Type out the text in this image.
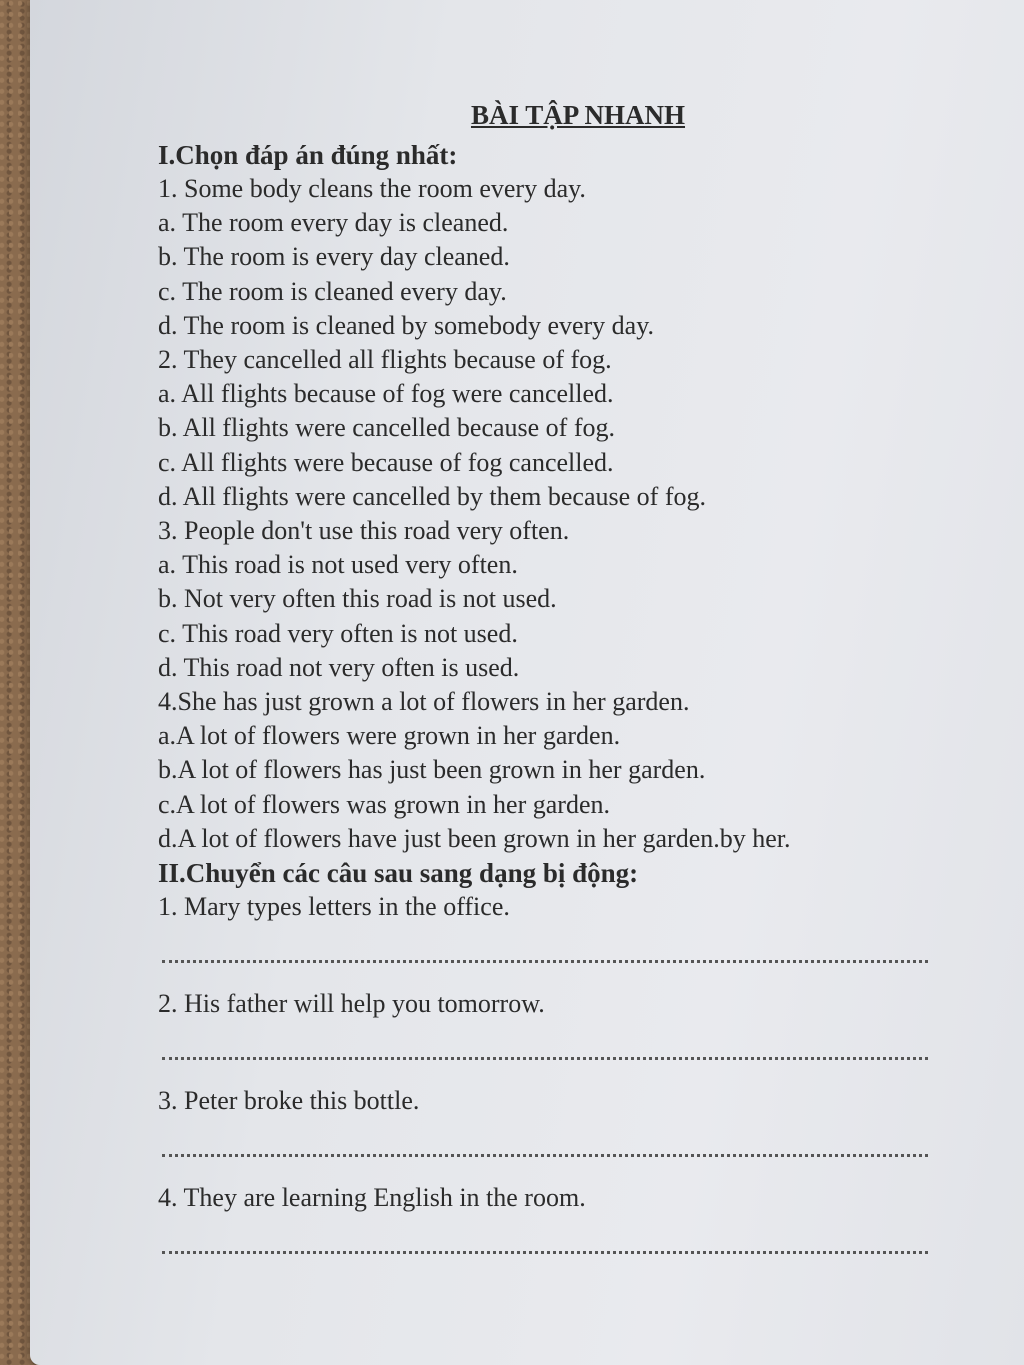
BÀI TẬP NHANH
I.Chọn đáp án đúng nhất:
1. Some body cleans the room every day.
a. The room every day is cleaned.
b. The room is every day cleaned.
c. The room is cleaned every day.
d. The room is cleaned by somebody every day.
2. They cancelled all flights because of fog.
a. All flights because of fog were cancelled.
b. All flights were cancelled because of fog.
c. All flights were because of fog cancelled.
d. All flights were cancelled by them because of fog.
3. People don't use this road very often.
a. This road is not used very often.
b. Not very often this road is not used.
c. This road very often is not used.
d. This road not very often is used.
4.She has just grown a lot of flowers in her garden.
a.A lot of flowers were grown in her garden.
b.A lot of flowers has just been grown in her garden.
c.A lot of flowers was grown in her garden.
d.A lot of flowers have just been grown in her garden.by her.
II.Chuyển các câu sau sang dạng bị động:
1. Mary types letters in the office.
2. His father will help you tomorrow.
3. Peter broke this bottle.
4. They are learning English in the room.
